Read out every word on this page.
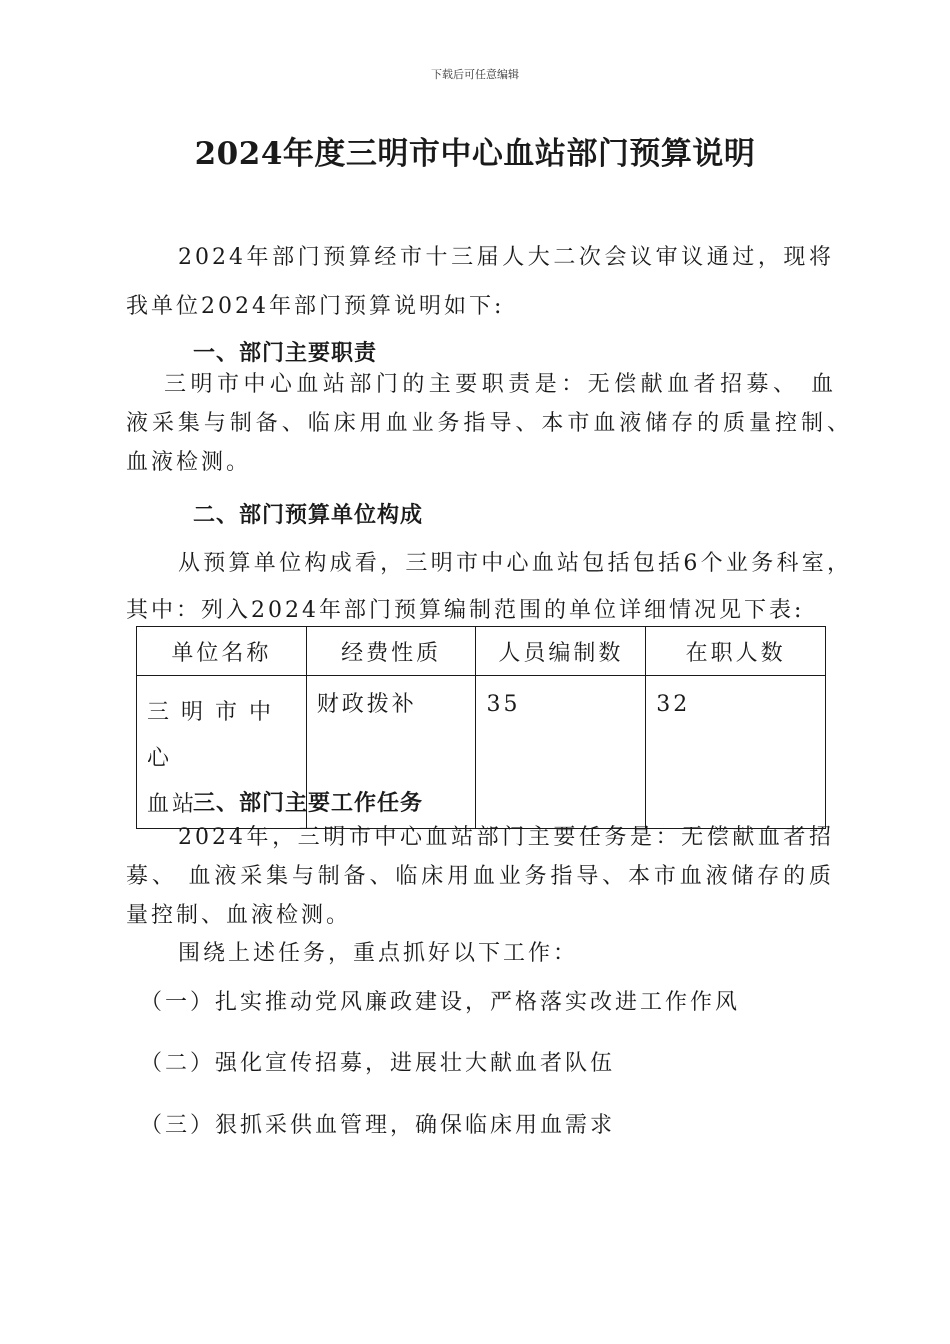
下载后可任意编辑
2024年度三明市中心血站部门预算说明
2024年部门预算经市十三届人大二次会议审议通过，现将
我单位2024年部门预算说明如下:
一、部门主要职责
三明市中心血站部门的主要职责是：无偿献血者招募、 血
液采集与制备、临床用血业务指导、本市血液储存的质量控制、
血液检测。
二、部门预算单位构成
从预算单位构成看，三明市中心血站包括包括6个业务科室，
其中：列入2024年部门预算编制范围的单位详细情况见下表:
单位名称	经费性质	人员编制数	在职人数

三明市中心
血站	财政拨补	35	32
三、部门主要工作任务
2024年，三明市中心血站部门主要任务是：无偿献血者招
募、 血液采集与制备、临床用血业务指导、本市血液储存的质
量控制、血液检测。
围绕上述任务，重点抓好以下工作：
（一）扎实推动党风廉政建设，严格落实改进工作作风
（二）强化宣传招募，进展壮大献血者队伍
（三）狠抓采供血管理，确保临床用血需求
